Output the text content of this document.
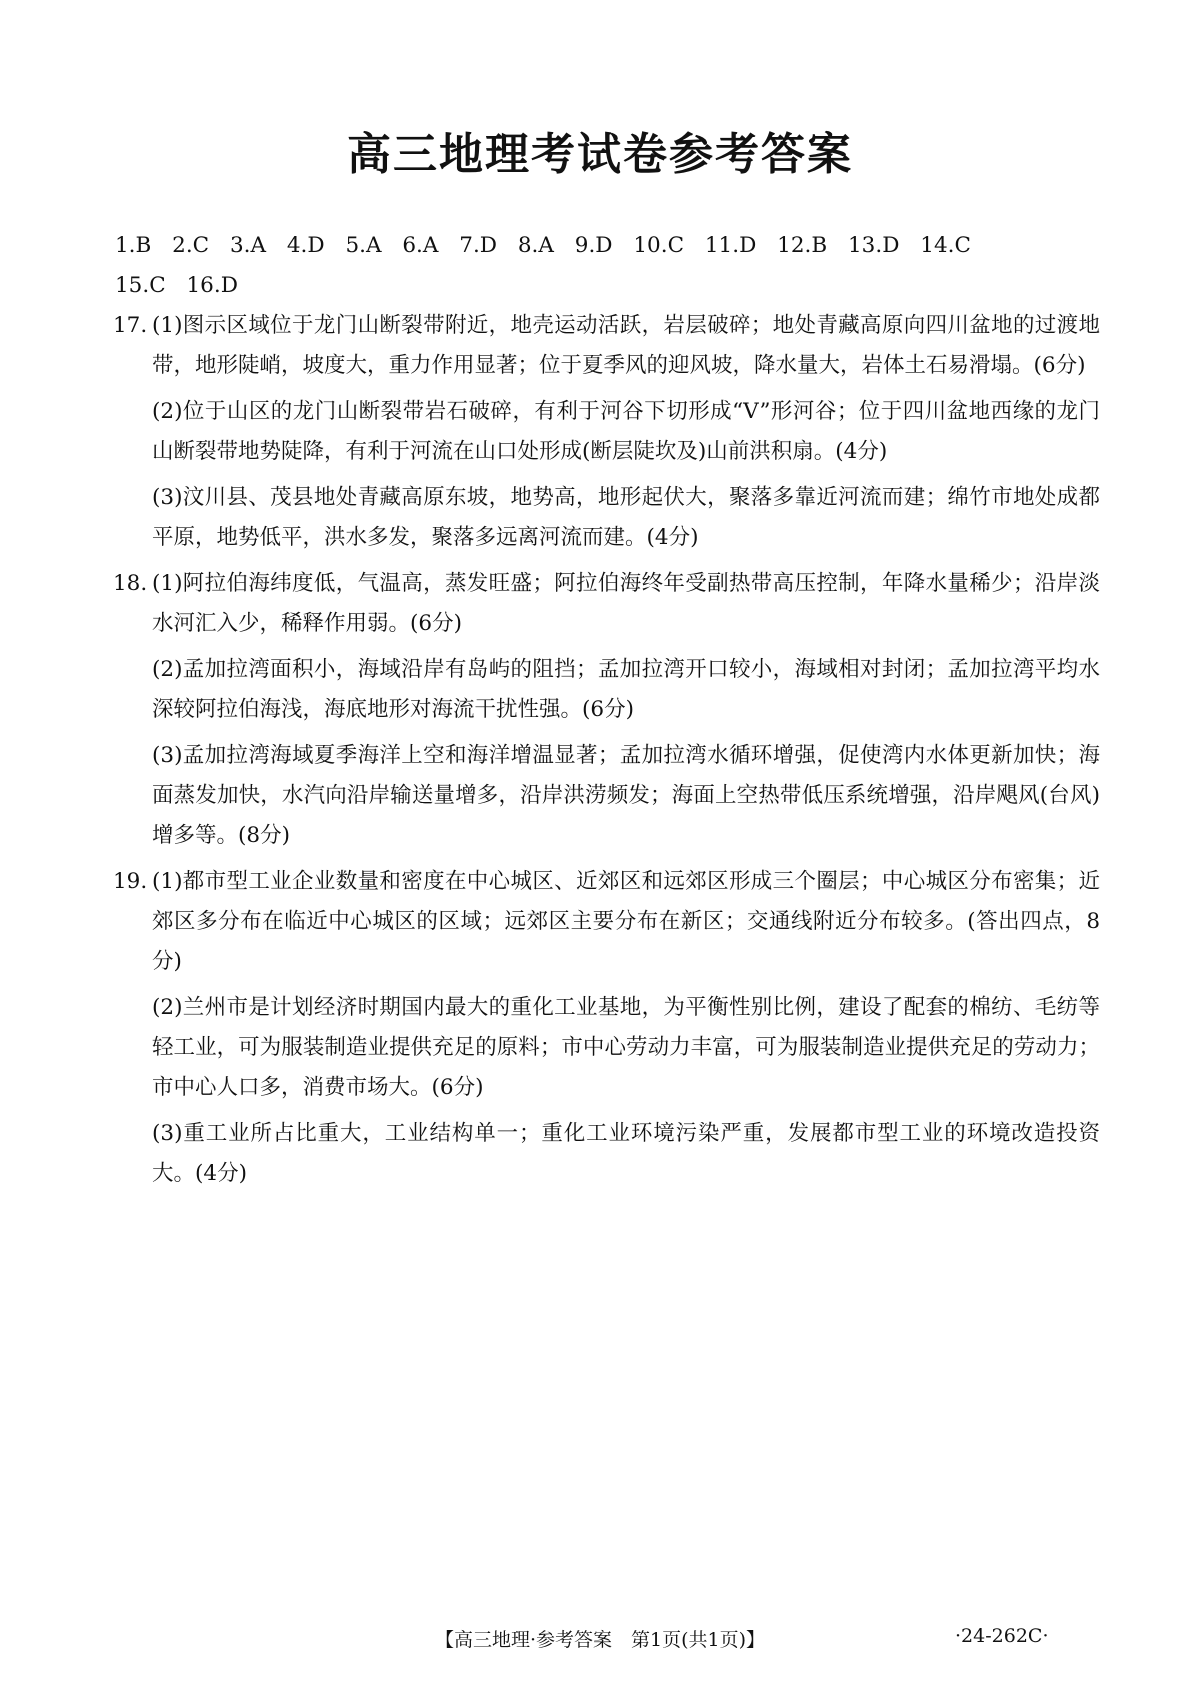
高三地理考试卷参考答案
1.B 2.C 3.A 4.D 5.A 6.A 7.D 8.A 9.D 10.C 11.D 12.B 13.D 14.C
15.C 16.D
17. (1)图示区域位于龙门山断裂带附近，地壳运动活跃，岩层破碎；地处青藏高原向四川盆地的过渡地带，地形陡峭，坡度大，重力作用显著；位于夏季风的迎风坡，降水量大，岩体土石易滑塌。(6分)
(2)位于山区的龙门山断裂带岩石破碎，有利于河谷下切形成“V”形河谷；位于四川盆地西缘的龙门山断裂带地势陡降，有利于河流在山口处形成(断层陡坎及)山前洪积扇。(4分)
(3)汶川县、茂县地处青藏高原东坡，地势高，地形起伏大，聚落多靠近河流而建；绵竹市地处成都平原，地势低平，洪水多发，聚落多远离河流而建。(4分)
18. (1)阿拉伯海纬度低，气温高，蒸发旺盛；阿拉伯海终年受副热带高压控制，年降水量稀少；沿岸淡水河汇入少，稀释作用弱。(6分)
(2)孟加拉湾面积小，海域沿岸有岛屿的阻挡；孟加拉湾开口较小，海域相对封闭；孟加拉湾平均水深较阿拉伯海浅，海底地形对海流干扰性强。(6分)
(3)孟加拉湾海域夏季海洋上空和海洋增温显著；孟加拉湾水循环增强，促使湾内水体更新加快；海面蒸发加快，水汽向沿岸输送量增多，沿岸洪涝频发；海面上空热带低压系统增强，沿岸飓风(台风)增多等。(8分)
19. (1)都市型工业企业数量和密度在中心城区、近郊区和远郊区形成三个圈层；中心城区分布密集；近郊区多分布在临近中心城区的区域；远郊区主要分布在新区；交通线附近分布较多。(答出四点，8分)
(2)兰州市是计划经济时期国内最大的重化工业基地，为平衡性别比例，建设了配套的棉纺、毛纺等轻工业，可为服装制造业提供充足的原料；市中心劳动力丰富，可为服装制造业提供充足的劳动力；市中心人口多，消费市场大。(6分)
(3)重工业所占比重大，工业结构单一；重化工业环境污染严重，发展都市型工业的环境改造投资大。(4分)
【高三地理·参考答案　第1页(共1页)】	·24-262C·
